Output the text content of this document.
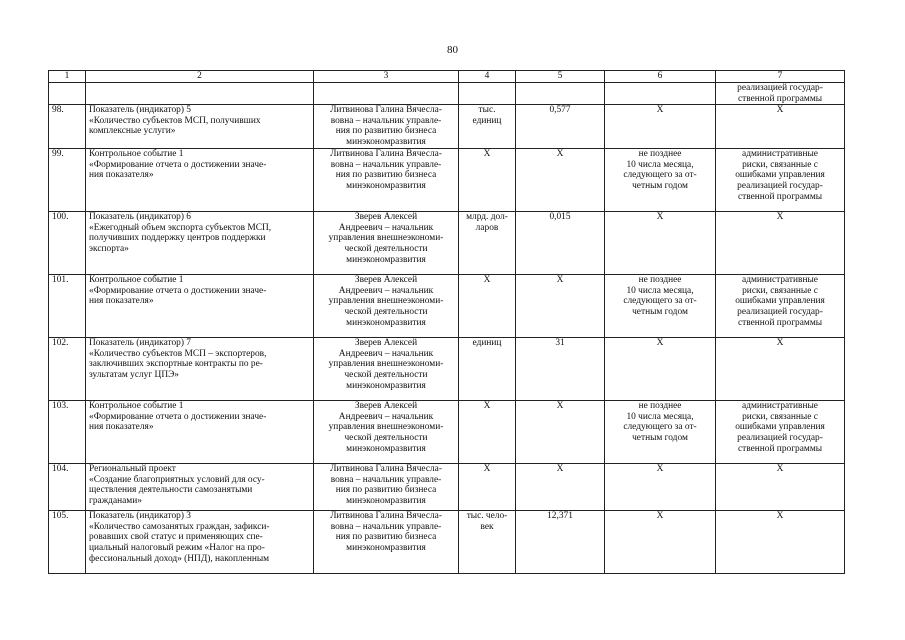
80
1	2	3	4	5	6	7
						реализацией государ-
ственной программы
98.	Показатель (индикатор) 5
«Количество субъектов МСП, получивших
комплексные услуги»	Литвинова Галина Вячесла-
вовна – начальник управле-
ния по развитию бизнеса
минэкономразвития	тыс.
единиц	0,577	X	X
99.	Контрольное событие 1
«Формирование отчета о достижении значе-
ния показателя»	Литвинова Галина Вячесла-
вовна – начальник управле-
ния по развитию бизнеса
минэкономразвития	X	X	не позднее
10 числа месяца,
следующего за от-
четным годом	административные
риски, связанные с
ошибками управления
реализацией государ-
ственной программы
100.	Показатель (индикатор) 6
«Ежегодный объем экспорта субъектов МСП,
получивших поддержку центров поддержки
экспорта»	Зверев Алексей
Андреевич – начальник
управления внешнеэкономи-
ческой деятельности
минэкономразвития	млрд. дол-
ларов	0,015	X	X
101.	Контрольное событие 1
«Формирование отчета о достижении значе-
ния показателя»	Зверев Алексей
Андреевич – начальник
управления внешнеэкономи-
ческой деятельности
минэкономразвития	X	X	не позднее
10 числа месяца,
следующего за от-
четным годом	административные
риски, связанные с
ошибками управления
реализацией государ-
ственной программы
102.	Показатель (индикатор) 7
«Количество субъектов МСП – экспортеров,
заключивших экспортные контракты по ре-
зультатам услуг ЦПЭ»	Зверев Алексей
Андреевич – начальник
управления внешнеэкономи-
ческой деятельности
минэкономразвития	единиц	31	X	X
103.	Контрольное событие 1
«Формирование отчета о достижении значе-
ния показателя»	Зверев Алексей
Андреевич – начальник
управления внешнеэкономи-
ческой деятельности
минэкономразвития	X	X	не позднее
10 числа месяца,
следующего за от-
четным годом	административные
риски, связанные с
ошибками управления
реализацией государ-
ственной программы
104.	Региональный проект
«Создание благоприятных условий для осу-
ществления деятельности самозанятыми
гражданами»	Литвинова Галина Вячесла-
вовна – начальник управле-
ния по развитию бизнеса
минэкономразвития	X	X	X	X
105.	Показатель (индикатор) 3
«Количество самозанятых граждан, зафикси-
ровавших свой статус и применяющих спе-
циальный налоговый режим «Налог на про-
фессиональный доход» (НПД), накопленным	Литвинова Галина Вячесла-
вовна – начальник управле-
ния по развитию бизнеса
минэкономразвития	тыс. чело-
век	12,371	X	X
